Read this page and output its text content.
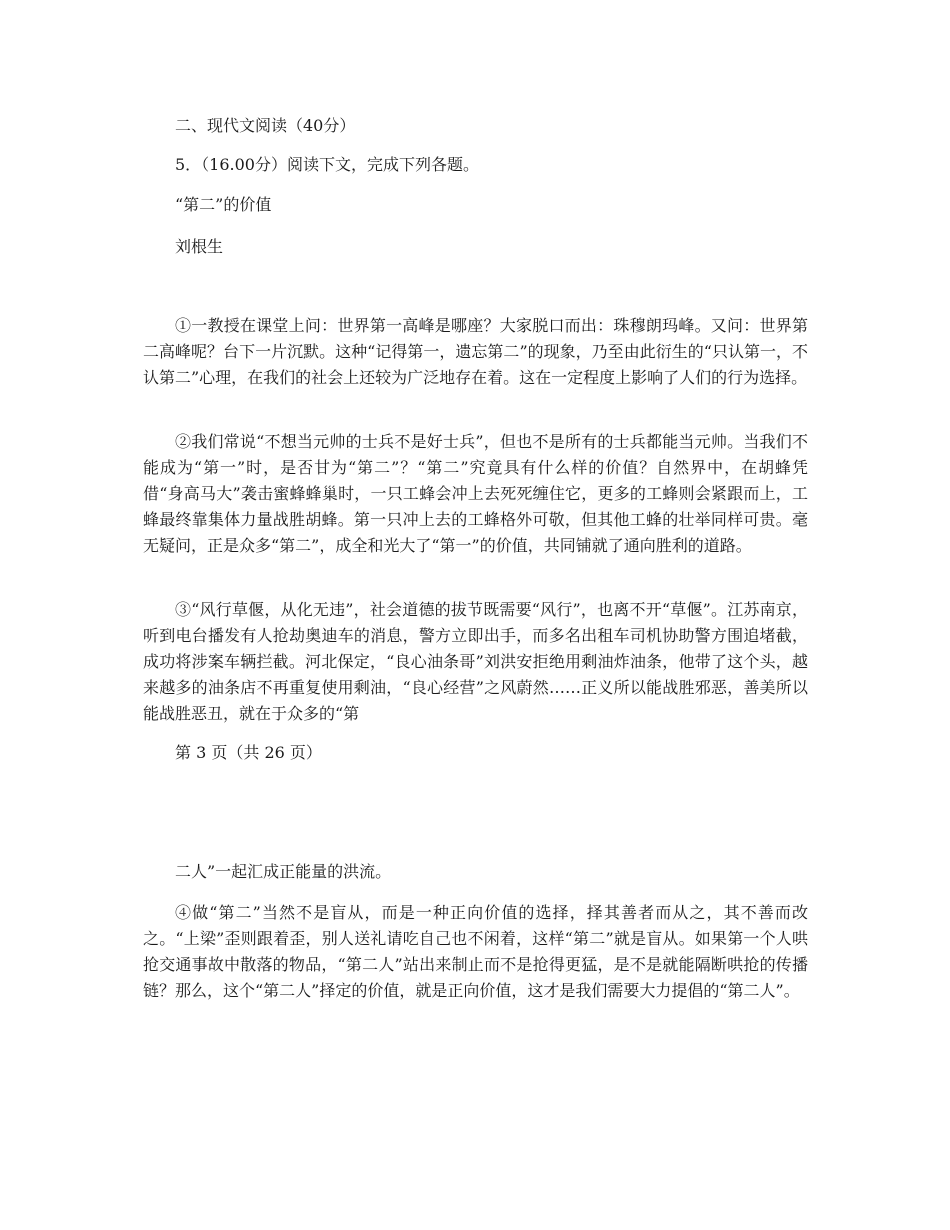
二、现代文阅读（40分）
5．（16.00分）阅读下文，完成下列各题。
“第二”的价值
刘根生

①一教授在课堂上问：世界第一高峰是哪座？大家脱口而出：珠穆朗玛峰。又问：世界第二高峰呢？台下一片沉默。这种“记得第一，遗忘第二”的现象，乃至由此衍生的“只认第一，不认第二”心理，在我们的社会上还较为广泛地存在着。这在一定程度上影响了人们的行为选择。

②我们常说“不想当元帅的士兵不是好士兵”，但也不是所有的士兵都能当元帅。当我们不能成为“第一”时，是否甘为“第二”？“第二”究竟具有什么样的价值？自然界中，在胡蜂凭借“身高马大”袭击蜜蜂蜂巢时，一只工蜂会冲上去死死缠住它，更多的工蜂则会紧跟而上，工蜂最终靠集体力量战胜胡蜂。第一只冲上去的工蜂格外可敬，但其他工蜂的壮举同样可贵。毫无疑问，正是众多“第二”，成全和光大了“第一”的价值，共同铺就了通向胜利的道路。

③“风行草偃，从化无违”，社会道德的拔节既需要“风行”，也离不开“草偃”。江苏南京，听到电台播发有人抢劫奥迪车的消息，警方立即出手，而多名出租车司机协助警方围追堵截，成功将涉案车辆拦截。河北保定，“良心油条哥”刘洪安拒绝用剩油炸油条，他带了这个头，越来越多的油条店不再重复使用剩油，“良心经营”之风蔚然……正义所以能战胜邪恶，善美所以能战胜恶丑，就在于众多的“第

第 3 页（共 26 页）
二人”一起汇成正能量的洪流。

④做“第二”当然不是盲从，而是一种正向价值的选择，择其善者而从之，其不善而改之。“上梁”歪则跟着歪，别人送礼请吃自己也不闲着，这样“第二”就是盲从。如果第一个人哄抢交通事故中散落的物品，“第二人”站出来制止而不是抢得更猛，是不是就能隔断哄抢的传播链？那么，这个“第二人”择定的价值，就是正向价值，这才是我们需要大力提倡的“第二人”。
